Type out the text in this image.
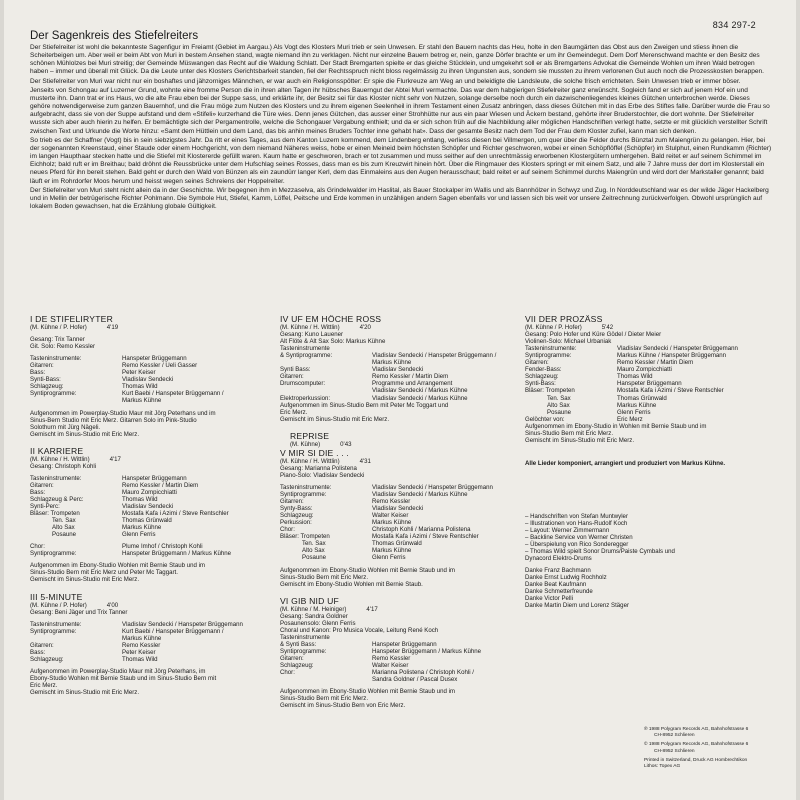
834 297-2
Der Sagenkreis des Stiefelreiters

Der Stiefelreiter ist wohl die bekannteste Sagenfigur im Freiamt (Gebiet im Aargau.) Als Vogt des Klosters Muri trieb er sein Unwesen. Er stahl den Bauern nachts das Heu, holte in den Baumgärten das Obst aus den Zweigen und stiess ihnen die Scheiterbeigen um. Aber weil er beim Abt von Muri in bestem Ansehen stand, wagte niemand ihn zu verklagen. Nicht nur einzelne Bauern betrog er, nein, ganze Dörfer brachte er um ihr Gemeindegut. Dem Dorf Merenschwand machte er den Besitz des schönen Mühlolzes bei Muri streitig; der Gemeinde Müswangen das Recht auf die Waldung Schlatt. Der Stadt Bremgarten spielte er das gleiche Stücklein, und umgekehrt soll er als Bremgartens Advokat die Gemeinde Wohlen um ihren Wald betrogen haben – immer und überall mit Glück. Da die Leute unter des Klosters Gerichtsbarkeit standen, fiel der Rechtsspruch nicht bloss regelmässig zu ihren Ungunsten aus, sondern sie mussten zu ihrem verlorenen Gut auch noch die Prozesskosten berappen.

Der Stiefelreiter von Muri war nicht nur ein boshaftes und jähzorniges Männchen, er war auch ein Religionsspötter: Er spie die Flurkreuze am Weg an und beleidigte die Landsleute, die solche frisch errichteten. Sein Unwesen trieb er immer böser.

Jenseits von Schongau auf Luzerner Grund, wohnte eine fromme Person die in ihren alten Tagen ihr hübsches Bauerngut der Abtei Muri vermachte. Das war dem habgierigen Stiefelreiter ganz erwünscht. Sogleich fand er sich auf jenem Hof ein und musterte ihn. Dann trat er ins Haus, wo die alte Frau eben bei der Suppe sass, und erklärte ihr, der Besitz sei für das Kloster nicht sehr von Nutzen, solange derselbe noch durch ein dazwischenliegendes kleines Gütchen unterbrochen werde. Dieses gehöre notwendigerweise zum ganzen Bauernhof, und die Frau möge zum Nutzen des Klosters und zu ihrem eigenen Seelenheil in ihrem Testament einen Zusatz anbringen, dass dieses Gütchen mit in das Erbe des Stiftes falle. Darüber wurde die Frau so aufgebracht, dass sie von der Suppe aufstand und dem «Stifeli» kurzerhand die Türe wies. Denn jenes Gütchen, das ausser einer Strohhütte nur aus ein paar Wiesen und Äckern bestand, gehörte ihrer Bruderstochter, die dort wohnte. Der Stiefelreiter wusste sich aber auch hierin zu helfen. Er bemächtigte sich der Pergamentrolle, welche die Schongauer Vergabung enthielt; und da er sich schon früh auf die Nachbildung aller möglichen Handschriften verlegt hatte, setzte er mit glücklich verstellter Schrift zwischen Text und Urkunde die Worte hinzu: «Samt dem Hüttlein und dem Land, das bis anhin meines Bruders Tochter inne gehabt hat». Dass der gesamte Besitz nach dem Tod der Frau dem Kloster zufiel, kann man sich denken.

So trieb es der Schaffner (Vogt) bis in sein siebzigstes Jahr. Da ritt er eines Tages, aus dem Kanton Luzern kommend, dem Lindenberg entlang, verliess diesen bei Villmergen, um quer über die Felder durchs Bünztal zum Maiengrün zu gelangen. Hier, bei der sogenannten Kreenstaud, einer Staude oder einem Hochgericht, von dem niemand Näheres weiss, hobe er einen Meineid beim höchsten Schöpfer und Richter geschworen, wobei er einen Schöpflöffel (Schöpfer) im Stulphut, einen Rundkamm (Richter) im langen Haupthaar stecken hatte und die Stiefel mit Klostererde gefüllt waren. Kaum hatte er geschworen, brach er tot zusammen und muss seither auf den unrechtmässig erworbenen Klostergütern umhergehen. Bald reitet er auf seinem Schimmel im Eichholz; bald ruft er im Breithau; bald dröhnt die Reussbrücke unter dem Hufschlag seines Rosses, dass man es bis zum Kreuzwirt hinein hört. Über die Ringmauer des Klosters springt er mit einem Satz, und alle 7 Jahre muss der dort im Klosterstall ein neues Pferd für ihn bereit stehen. Bald geht er durch den Wald von Bünzen als ein zaundürr langer Kerl, dem das Einmaleins aus den Augen herausschaut; bald reitet er auf seinem Schimmel durchs Maiengrün und wird dort der Markstaller genannt; bald läuft er im Rohrdorfer Moos herum und heisst wegen seines Schreiens der Hoppelreiter.

Der Stiefelreiter von Muri steht nicht allein da in der Geschichte. Wir begegnen ihm in Mezzaselva, als Grindelwalder im Haslital, als Bauer Stockalper im Wallis und als Bannhölzer in Schwyz und Zug. In Norddeutschland war es der wilde Jäger Hackelberg und in Mellin der betrügerische Richter Pohlmann. Die Symbole Hut, Stiefel, Kamm, Löffel, Peitsche und Erde kommen in unzähligen andern Sagen ebenfalls vor und lassen sich bis weit vor unsere Zeitrechnung zurückverfolgen. Obwohl ursprünglich auf lokalem Boden gewachsen, hat die Erzählung globale Gültigkeit.

I DE STIFELIRYTER
(M. Kühne / P. Hofer)	4'19
Gesang: Trix Tanner
Git. Solo: Remo Kessler
Tasteninstrumente:	Hanspeter Brüggemann
Gitarren:	Remo Kessler / Ueli Gasser
Bass:	Peter Keiser
Synti-Bass:	Vladislav Sendecki
Schlagzeug:	Thomas Wild
Syntiprogramme:	Kurt Baebi / Hanspeter Brüggemann /
Markus Kühne
Aufgenommen im Powerplay-Studio Maur mit Jörg Peterhans und im
Sinus-Bern Studio mit Eric Merz. Gitarren Solo im Pink-Studio
Solothurn mit Jürg Nägeli.
Gemischt im Sinus-Studio mit Eric Merz.
II KARRIERE
(M. Kühne / H. Wittlin)	4'17
Gesang: Christoph Kohli
Tasteninstrumente:	Hanspeter Brüggemann
Gitarren:	Remo Kessler / Martin Diem
Bass:	Mauro Zompicchiatti
Schlagzeug & Perc:	Thomas Wild
Synti-Perc:	Vladislav Sendecki
Bläser: Trompeten	Mostafa Kafa i Azimi / Steve Rentschler
Ten. Sax	Thomas Grünwald
Alto Sax	Markus Kühne
Posaune	Glenn Ferris
Chor:	Plume Imhof / Christoph Kohli
Syntiprogramme:	Hanspeter Brüggemann / Markus Kühne
Aufgenommen im Ebony-Studio Wohlen mit Bernie Staub und im
Sinus-Studio Bern mit Eric Merz und Peter Mc Taggart.
Gemischt im Sinus-Studio mit Eric Merz.
III 5-MINUTE
(M. Kühne / P. Hofer)	4'00
Gesang: Beni Jäger und Trix Tanner
Tasteninstrumente:	Vladislav Sendecki / Hanspeter Brüggemann
Syntiprogramme:	Kurt Baebi / Hanspeter Brüggemann /
Markus Kühne
Gitarren:	Remo Kessler
Bass:	Peter Keiser
Schlagzeug:	Thomas Wild
Aufgenommen im Powerplay-Studio Maur mit Jörg Peterhans, im
Ebony-Studio Wohlen mit Bernie Staub und im Sinus-Studio Bern mit
Eric Merz.
Gemischt im Sinus-Studio mit Eric Merz.
IV UF EM HÖCHE ROSS
(M. Kühne / H. Wittlin)	4'20
Gesang: Kuno Lauener
Alt Flöte & Alt Sax Solo: Markus Kühne
Tasteninstrumente
& Syntiprogramme:	Vladislav Sendecki / Hanspeter Brüggemann /
Markus Kühne
Synti Bass:	Vladislav Sendecki
Gitarren:	Remo Kessler / Martin Diem
Drumscomputer:	Programme und Arrangement
Vladislav Sendecki / Markus Kühne
Elektroperkussion:	Vladislav Sendecki / Markus Kühne
Aufgenommen im Sinus-Studio Bern mit Peter Mc Toggart und
Eric Merz.
Gemischt im Sinus-Studio mit Eric Merz.
REPRISE
(M. Kühne)	0'43
V MIR SI DIE . . .
(M. Kühne / H. Wittlin)	4'31
Gesang: Marianna Polistena
Piano-Solo: Vladislav Sendecki
Tasteninstrumente:	Vladislav Sendecki / Hanspeter Brüggemann
Syntiprogramme:	Vladislav Sendecki / Markus Kühne
Gitarren:	Remo Kessler
Synty-Bass:	Vladislav Sendecki
Schlagzeug:	Walter Keiser
Perkussion:	Markus Kühne
Chor:	Christoph Kohli / Marianna Polistena
Bläser: Trompeten	Mostafa Kafa i Azimi / Steve Rentschler
Ten. Sax	Thomas Grünwald
Alto Sax	Markus Kühne
Posaune	Glenn Ferris
Aufgenommen im Ebony-Studio Wohlen mit Bernie Staub und im
Sinus-Studio Bern mit Eric Merz.
Gemischt im Ebony-Studio Wohlen mit Bernie Staub.
VI GIB NID UF
(M. Kühne / M. Heiniger)	4'17
Gesang: Sandra Goldner
Posaunensolo: Glenn Ferris
Choral und Kanon: Pro Musica Vocale, Leitung René Koch
Tasteninstrumente
& Synti Bass:	Hanspeter Brüggemann
Syntiprogramme:	Hanspeter Brüggemann / Markus Kühne
Gitarren:	Remo Kessler
Schlagzeug:	Walter Keiser
Chor:	Marianna Polistena / Christoph Kohli /
Sandra Goldner / Pascal Dusex
Aufgenommen im Ebony-Studio Wohlen mit Bernie Staub und im
Sinus-Studio Bern mit Eric Merz.
Gemischt im Sinus-Studio Bern von Eric Merz.
VII DER PROZÄSS
(M. Kühne / P. Hofer)	5'42
Gesang: Polo Hofer und Küre Gödel / Dieter Meier
Violinen-Solo: Michael Urbaniak
Tasteninstrumente:	Vladislav Sendecki / Hanspeter Brüggemann
Syntiprogramme:	Markus Kühne / Hanspeter Brüggemann
Gitarren:	Remo Kessler / Martin Diem
Fender-Bass:	Mauro Zompicchiatti
Schlagzeug:	Thomas Wild
Synti-Bass:	Hanspeter Brüggemann
Bläser: Trompeten	Mostafa Kafa i Azimi / Steve Rentschler
Ten. Sax	Thomas Grünwald
Alto Sax	Markus Kühne
Posaune	Glenn Ferris
Gelöchter von:	Eric Merz
Aufgenommen im Ebony-Studio in Wohlen mit Bernie Staub und im
Sinus-Studio Bern mit Eric Merz.
Gemischt im Sinus-Studio mit Eric Merz.
Alle Lieder komponiert, arrangiert und produziert von Markus Kühne.
– Handschriften von Stefan Muntwyler
– Illustrationen von Hans-Rudolf Koch
– Layout: Werner Zimmermann
– Backline Service von Werner Christen
– Überspielung von Rico Sonderegger
– Thomas Wild spielt Sonor Drums/Paiste Cymbals und
Dynacord Elektro-Drums
Danke Franz Bachmann
Danke Ernst Ludwig Rochholz
Danke Beat Kaufmann
Danke Schmetterfreunde
Danke Victor Pelli
Danke Martin Diem und Lorenz Stäger
℗ 1988 Polygram Records AG, Bahnhofstrasse 6
CH-8952 Schlieren
© 1988 Polygram Records AG, Bahnhofstrasse 6
CH-8952 Schlieren
Printed in Switzerland, Druck AG Hombrechtikon
Lithos: Topex AG
